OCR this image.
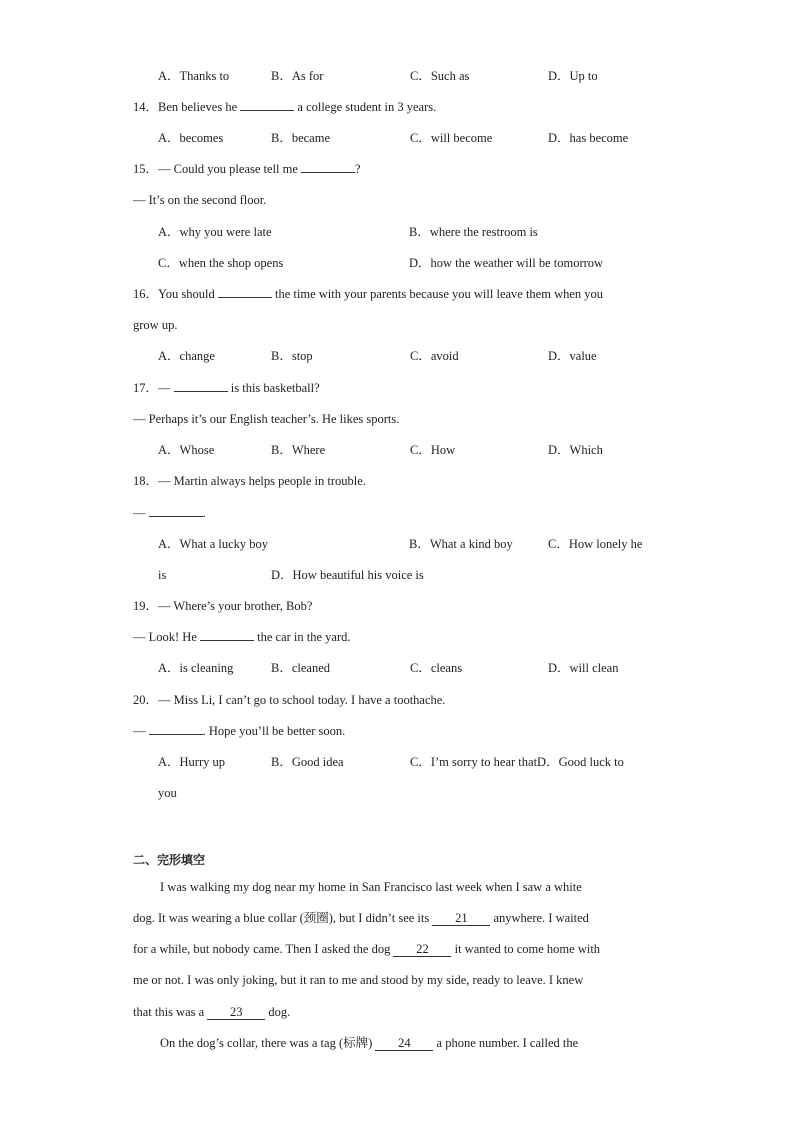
A．Thanks to	B．As for	C．Such as	D．Up to
14．Ben believes he	a college student in 3 years.
A．becomes	B．became	C．will become	D．has become
15．— Could you please tell me	?
— It’s on the second floor.
A．why you were late	B．where the restroom is
C．when the shop opens	D．how the weather will be tomorrow
16．You should	the time with your parents because you will leave them when you
grow up.
A．change	B．stop	C．avoid	D．value
17．—	is this basketball?
— Perhaps it’s our English teacher’s. He likes sports.
A．Whose	B．Where	C．How	D．Which
18．— Martin always helps people in trouble.
—	.
A．What a lucky boy	B．What a kind boy	C．How lonely he
is	D．How beautiful his voice is
19．— Where’s your brother, Bob?
— Look! He	the car in the yard.
A．is cleaning	B．cleaned	C．cleans	D．will clean
20．— Miss Li, I can’t go to school today. I have a toothache.
—	. Hope you’ll be better soon.
A．Hurry up	B．Good idea	C．I’m sorry to hear thatD．Good luck to
you
二、完形填空
I was walking my dog near my home in San Francisco last week when I saw a white
dog. It was wearing a blue collar (颈圈), but I didn’t see its 21 anywhere. I waited
for a while, but nobody came. Then I asked the dog 22 it wanted to come home with
me or not. I was only joking, but it ran to me and stood by my side, ready to leave. I knew
that this was a 23 dog.
On the dog’s collar, there was a tag (标牌) 24 a phone number. I called the
